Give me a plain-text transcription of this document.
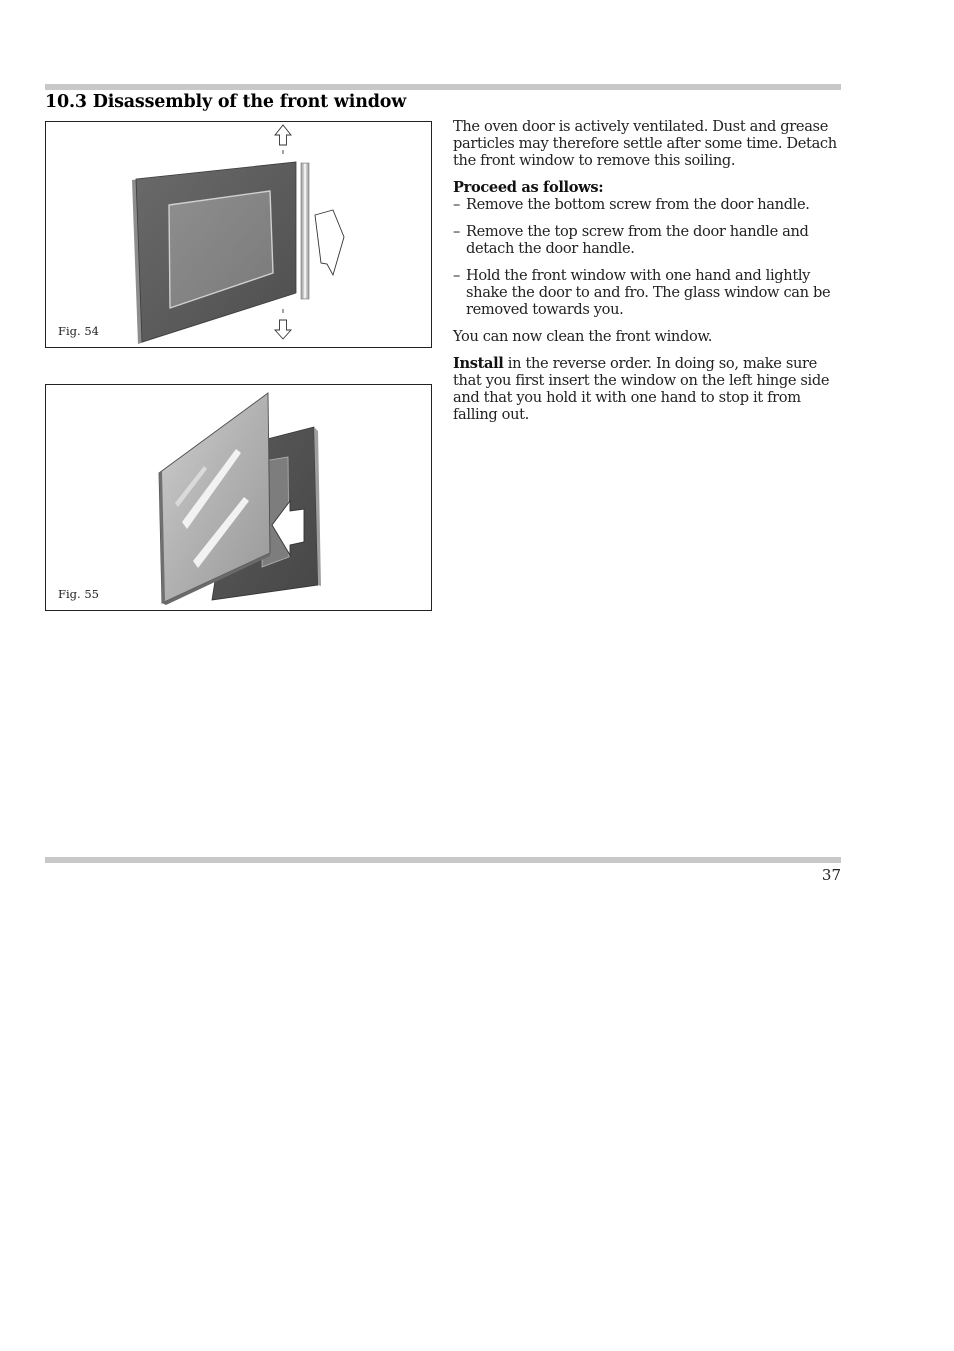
10.3 Disassembly of the front window
Fig. 54
Fig. 55

The oven door is actively ventilated. Dust and grease particles may therefore settle after some time. Detach the front window to remove this soiling.

Proceed as follows:

– Remove the bottom screw from the door handle.
– Remove the top screw from the door handle and detach the door handle.
– Hold the front window with one hand and lightly shake the door to and fro. The glass window can be removed towards you.

You can now clean the front window.

Install in the reverse order. In doing so, make sure that you first insert the window on the left hinge side and that you hold it with one hand to stop it from falling out.

37
